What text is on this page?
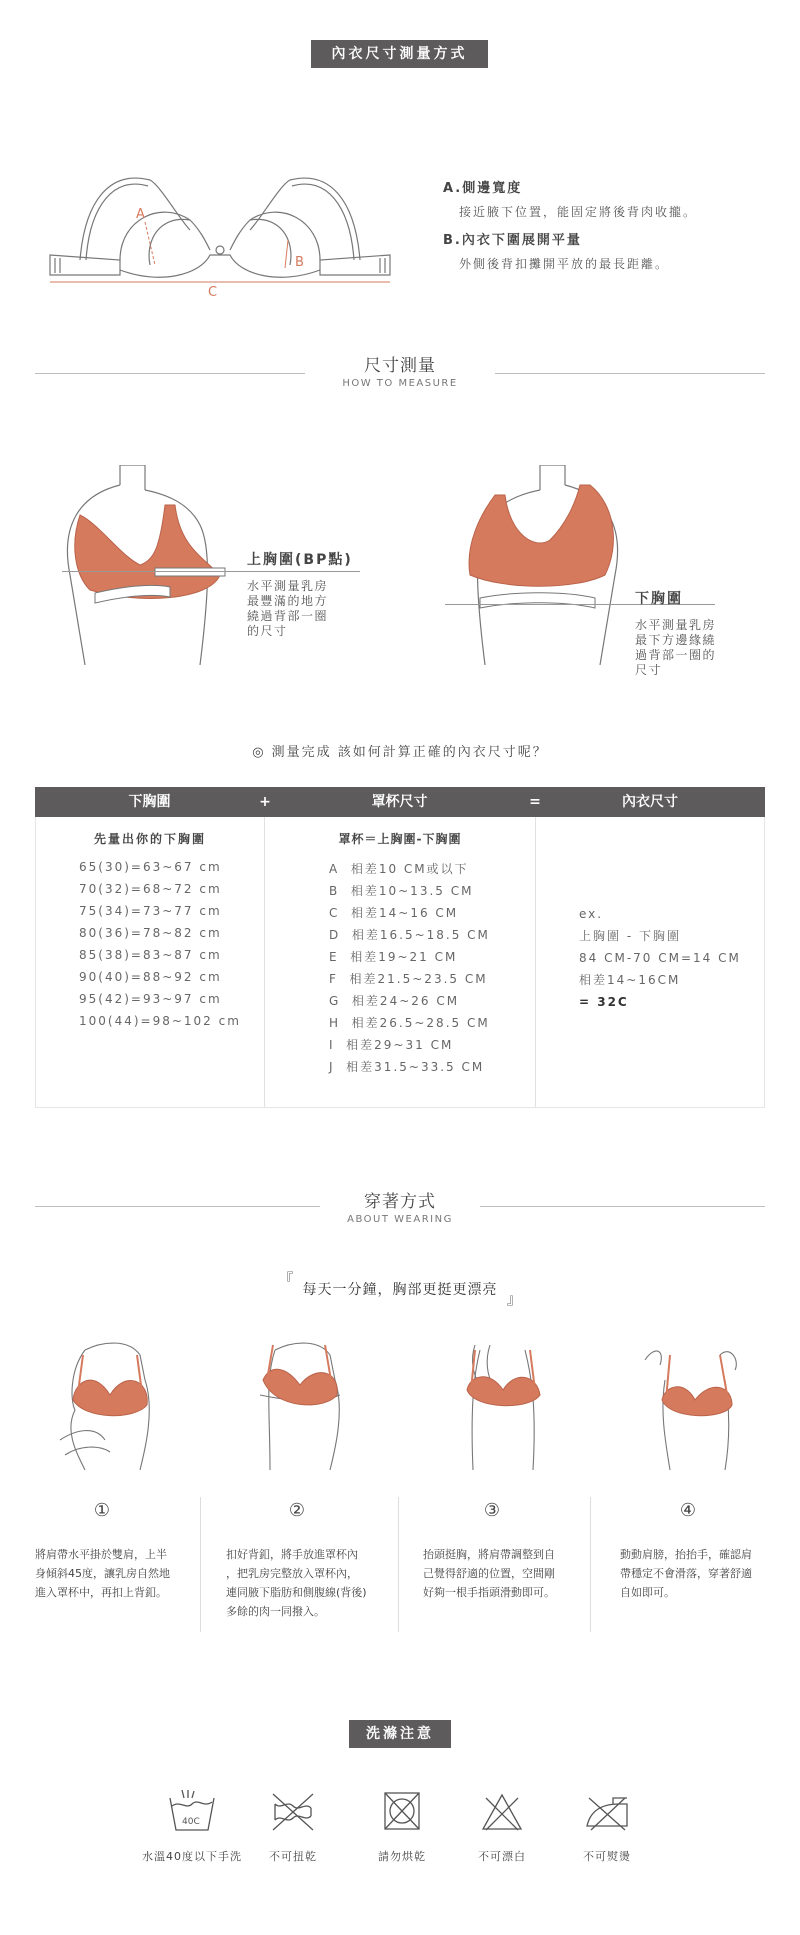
內衣尺寸測量方式
A
B
C
A.側邊寬度
接近腋下位置，能固定將後背肉收攏。
B.內衣下圍展開平量
外側後背扣攤開平放的最長距離。
尺寸測量
HOW TO MEASURE
上胸圍(BP點)
水平測量乳房
最豐滿的地方
繞過背部一圈
的尺寸
下胸圍
水平測量乳房
最下方邊緣繞
過背部一圈的
尺寸
◎ 測量完成 該如何計算正確的內衣尺寸呢？
下胸圍	+	罩杯尺寸	=	內衣尺寸
先量出你的下胸圍
65(30)=63~67 cm
70(32)=68~72 cm
75(34)=73~77 cm
80(36)=78~82 cm
85(38)=83~87 cm
90(40)=88~92 cm
95(42)=93~97 cm
100(44)=98~102 cm
罩杯＝上胸圍-下胸圍
A  相差10 CM或以下
B  相差10~13.5 CM
C  相差14~16 CM
D  相差16.5~18.5 CM
E  相差19~21 CM
F  相差21.5~23.5 CM
G  相差24~26 CM
H  相差26.5~28.5 CM
I  相差29~31 CM
J  相差31.5~33.5 CM
ex.
上胸圍 - 下胸圍
84 CM-70 CM=14 CM
相差14~16CM
= 32C
穿著方式
ABOUT WEARING
『 每天一分鐘，胸部更挺更漂亮 』
①	②	③	④
將肩帶水平掛於雙肩，上半
身傾斜45度，讓乳房自然地
進入罩杯中，再扣上背釦。
扣好背釦，將手放進罩杯內
，把乳房完整放入罩杯內，
連同腋下脂肪和側腹線(背後)
多餘的肉一同撥入。
抬頭挺胸，將肩帶調整到自
己覺得舒適的位置，空間剛
好夠一根手指頭滑動即可。
動動肩膀，抬抬手，確認肩
帶穩定不會滑落，穿著舒適
自如即可。
洗滌注意
40C
水溫40度以下手洗	不可扭乾	請勿烘乾	不可漂白	不可熨燙
